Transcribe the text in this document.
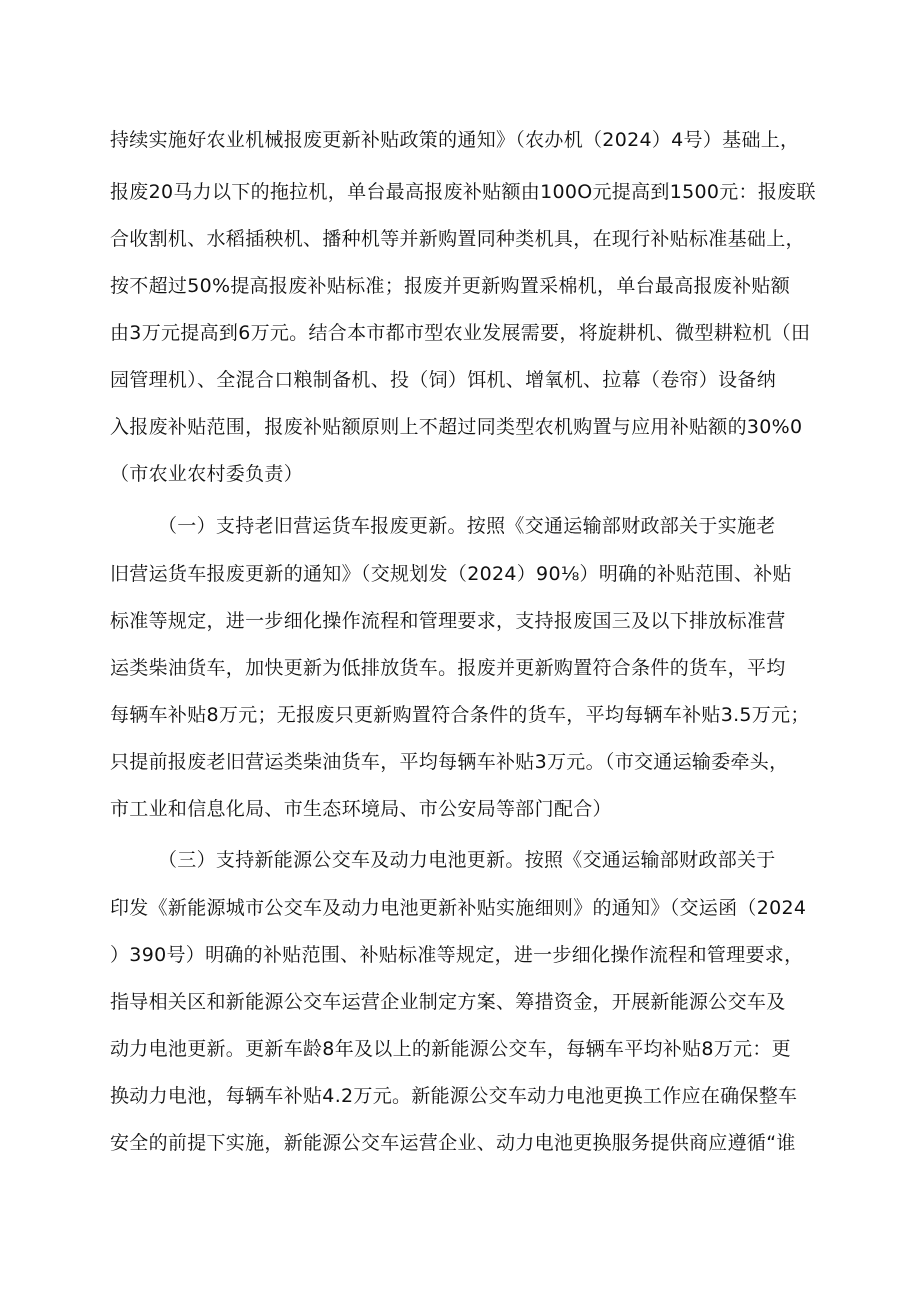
持续实施好农业机械报废更新补贴政策的通知》（农办机（2024）4号）基础上，
报废20马力以下的拖拉机，单台最高报废补贴额由100O元提高到1500元：报废联
合收割机、水稻插秧机、播种机等并新购置同种类机具，在现行补贴标准基础上，
按不超过50%提高报废补贴标准；报废并更新购置采棉机，单台最高报废补贴额
由3万元提高到6万元。结合本市都市型农业发展需要，将旋耕机、微型耕粒机（田
园管理机）、全混合口粮制备机、投（饲）饵机、增氧机、拉幕（卷帘）设备纳
入报废补贴范围，报废补贴额原则上不超过同类型农机购置与应用补贴额的30%0
（市农业农村委负责）
（一）支持老旧营运货车报废更新。按照《交通运输部财政部关于实施老
旧营运货车报废更新的通知》（交规划发（2024）90⅛）明确的补贴范围、补贴
标准等规定，进一步细化操作流程和管理要求，支持报废国三及以下排放标准营
运类柴油货车，加快更新为低排放货车。报废并更新购置符合条件的货车，平均
每辆车补贴8万元；无报废只更新购置符合条件的货车，平均每辆车补贴3.5万元；
只提前报废老旧营运类柴油货车，平均每辆车补贴3万元。（市交通运输委牵头，
市工业和信息化局、市生态环境局、市公安局等部门配合）
（三）支持新能源公交车及动力电池更新。按照《交通运输部财政部关于
印发《新能源城市公交车及动力电池更新补贴实施细则》的通知》（交运函（2024
）390号）明确的补贴范围、补贴标准等规定，进一步细化操作流程和管理要求，
指导相关区和新能源公交车运营企业制定方案、筹措资金，开展新能源公交车及
动力电池更新。更新车龄8年及以上的新能源公交车，每辆车平均补贴8万元：更
换动力电池，每辆车补贴4.2万元。新能源公交车动力电池更换工作应在确保整车
安全的前提下实施，新能源公交车运营企业、动力电池更换服务提供商应遵循“谁
